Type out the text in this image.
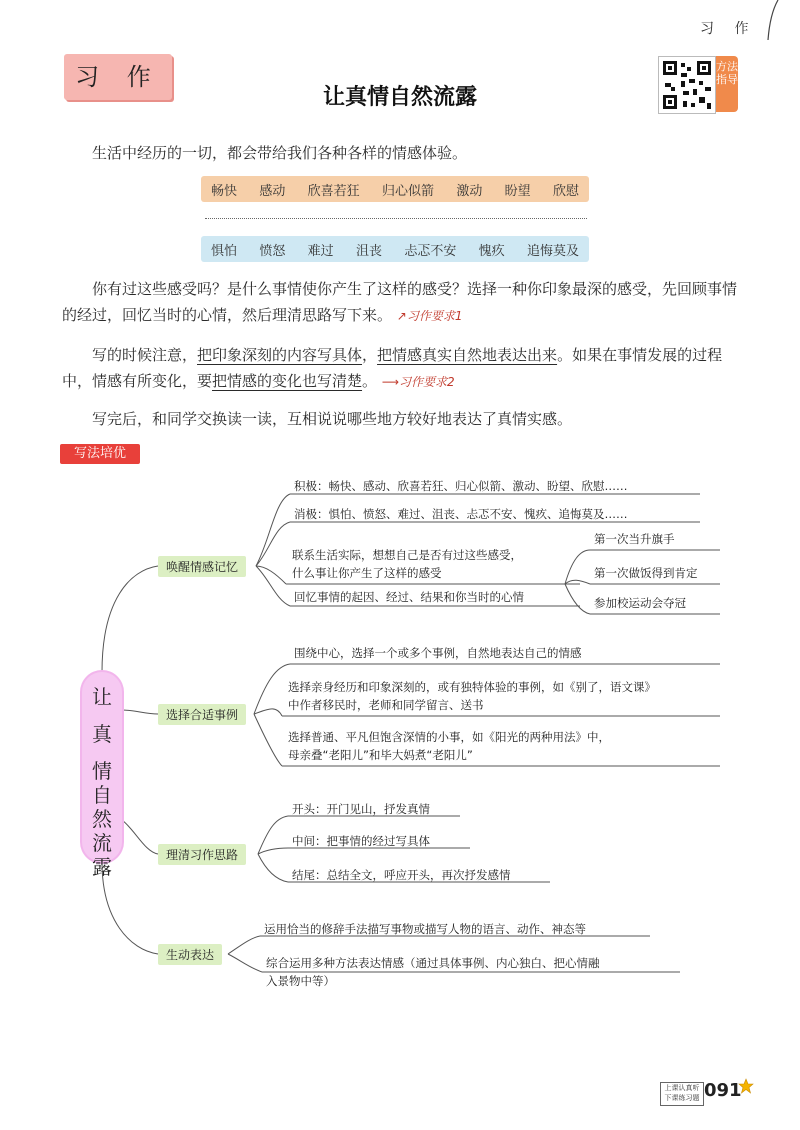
习 作
习 作
让真情自然流露
方法指导
生活中经历的一切，都会带给我们各种各样的情感体验。
畅快 感动 欣喜若狂 归心似箭 激动 盼望 欣慰
惧怕 愤怒 难过 沮丧 忐忑不安 愧疚 追悔莫及
你有过这些感受吗？是什么事情使你产生了这样的感受？选择一种你印象最深的感受，先回顾事情的经过，回忆当时的心情，然后理清思路写下来。 ↗习作要求1
写的时候注意，把印象深刻的内容写具体，把情感真实自然地表达出来。如果在事情发展的过程中，情感有所变化，要把情感的变化也写清楚。 ⟶习作要求2
写完后，和同学交换读一读，互相说说哪些地方较好地表达了真情实感。
写法培优
让
真
情
自
然
流
露
唤醒情感记忆
积极：畅快、感动、欣喜若狂、归心似箭、激动、盼望、欣慰……
消极：惧怕、愤怒、难过、沮丧、忐忑不安、愧疚、追悔莫及……
联系生活实际，想想自己是否有过这些感受，
什么事让你产生了这样的感受
第一次当升旗手
第一次做饭得到肯定
参加校运动会夺冠
回忆事情的起因、经过、结果和你当时的心情
选择合适事例
围绕中心，选择一个或多个事例，自然地表达自己的情感
选择亲身经历和印象深刻的，或有独特体验的事例，如《别了，语文课》
中作者移民时，老师和同学留言、送书
选择普通、平凡但饱含深情的小事，如《阳光的两种用法》中，
母亲叠“老阳儿”和毕大妈煮“老阳儿”
理清习作思路
开头：开门见山，抒发真情
中间：把事情的经过写具体
结尾：总结全文，呼应开头，再次抒发感情
生动表达
运用恰当的修辞手法描写事物或描写人物的语言、动作、神态等
综合运用多种方法表达情感（通过具体事例、内心独白、把心情融
入景物中等）
上课认真听 下课练习题 091
